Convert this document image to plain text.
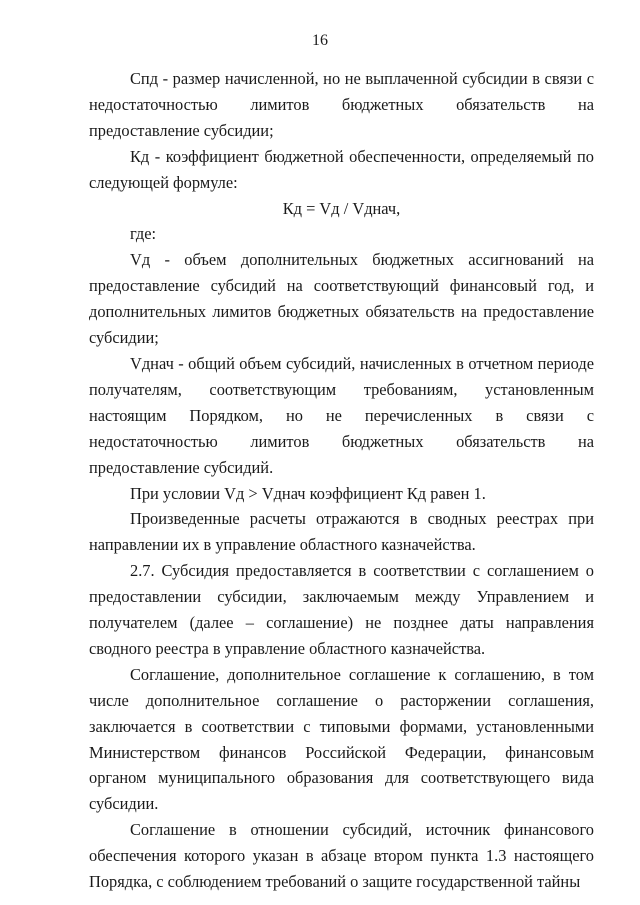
16

Спд - размер начисленной, но не выплаченной субсидии в связи с недостаточностью лимитов бюджетных обязательств на предоставление субсидии;

Кд - коэффициент бюджетной обеспеченности, определяемый по следующей формуле:

Кд = Vд / Vднач,

где:

Vд - объем дополнительных бюджетных ассигнований на предоставление субсидий на соответствующий финансовый год, и дополнительных лимитов бюджетных обязательств на предоставление субсидии;

Vднач - общий объем субсидий, начисленных в отчетном периоде получателям, соответствующим требованиям, установленным настоящим Порядком, но не перечисленных в связи с недостаточностью лимитов бюджетных обязательств на предоставление субсидий.

При условии Vд > Vднач коэффициент Кд равен 1.

Произведенные расчеты отражаются в сводных реестрах при направлении их в управление областного казначейства.

2.7. Субсидия предоставляется в соответствии с соглашением о предоставлении субсидии, заключаемым между Управлением и получателем (далее – соглашение) не позднее даты направления сводного реестра в управление областного казначейства.

Соглашение, дополнительное соглашение к соглашению, в том числе дополнительное соглашение о расторжении соглашения, заключается в соответствии с типовыми формами, установленными Министерством финансов Российской Федерации, финансовым органом муниципального образования для соответствующего вида субсидии.

Соглашение в отношении субсидий, источник финансового обеспечения которого указан в абзаце втором пункта 1.3 настоящего Порядка, с соблюдением требований о защите государственной тайны
